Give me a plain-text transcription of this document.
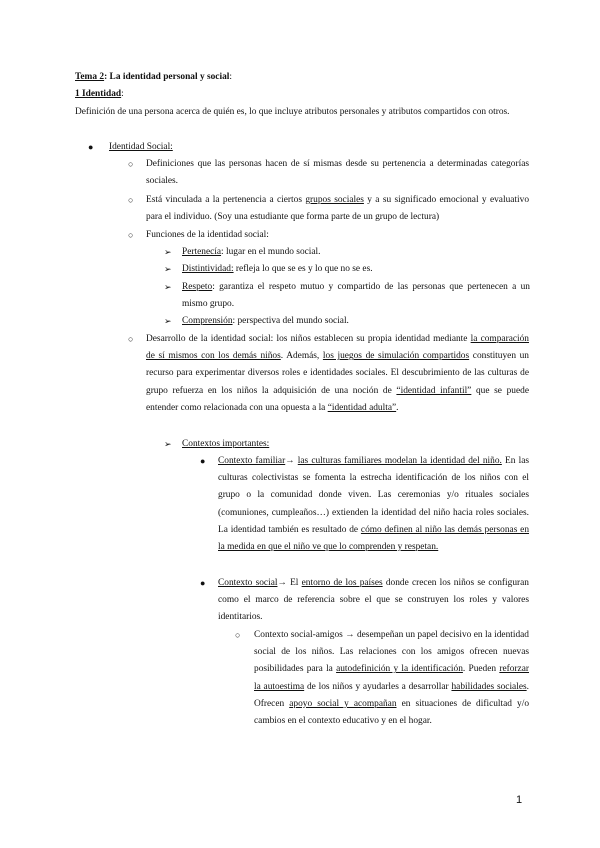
Tema 2: La identidad personal y social:
1 Identidad:
Definición de una persona acerca de quién es, lo que incluye atributos personales y atributos compartidos con otros.
● Identidad Social:
○ Definiciones que las personas hacen de sí mismas desde su pertenencia a determinadas categorías sociales.
○ Está vinculada a la pertenencia a ciertos grupos sociales y a su significado emocional y evaluativo para el individuo. (Soy una estudiante que forma parte de un grupo de lectura)
○ Funciones de la identidad social:
➢ Pertenecía: lugar en el mundo social.
➢ Distintividad: refleja lo que se es y lo que no se es.
➢ Respeto: garantiza el respeto mutuo y compartido de las personas que pertenecen a un mismo grupo.
➢ Comprensión: perspectiva del mundo social.
○ Desarrollo de la identidad social: los niños establecen su propia identidad mediante la comparación de sí mismos con los demás niños. Además, los juegos de simulación compartidos constituyen un recurso para experimentar diversos roles e identidades sociales. El descubrimiento de las culturas de grupo refuerza en los niños la adquisición de una noción de “identidad infantil” que se puede entender como relacionada con una opuesta a la “identidad adulta”.
➢ Contextos importantes:
● Contexto familiar→ las culturas familiares modelan la identidad del niño. En las culturas colectivistas se fomenta la estrecha identificación de los niños con el grupo o la comunidad donde viven. Las ceremonias y/o rituales sociales (comuniones, cumpleaños…) extienden la identidad del niño hacia roles sociales. La identidad también es resultado de cómo definen al niño las demás personas en la medida en que el niño ve que lo comprenden y respetan.
● Contexto social→ El entorno de los países donde crecen los niños se configuran como el marco de referencia sobre el que se construyen los roles y valores identitarios.
○ Contexto social-amigos → desempeñan un papel decisivo en la identidad social de los niños. Las relaciones con los amigos ofrecen nuevas posibilidades para la autodefinición y la identificación. Pueden reforzar la autoestima de los niños y ayudarles a desarrollar habilidades sociales. Ofrecen apoyo social y acompañan en situaciones de dificultad y/o cambios en el contexto educativo y en el hogar.
1
